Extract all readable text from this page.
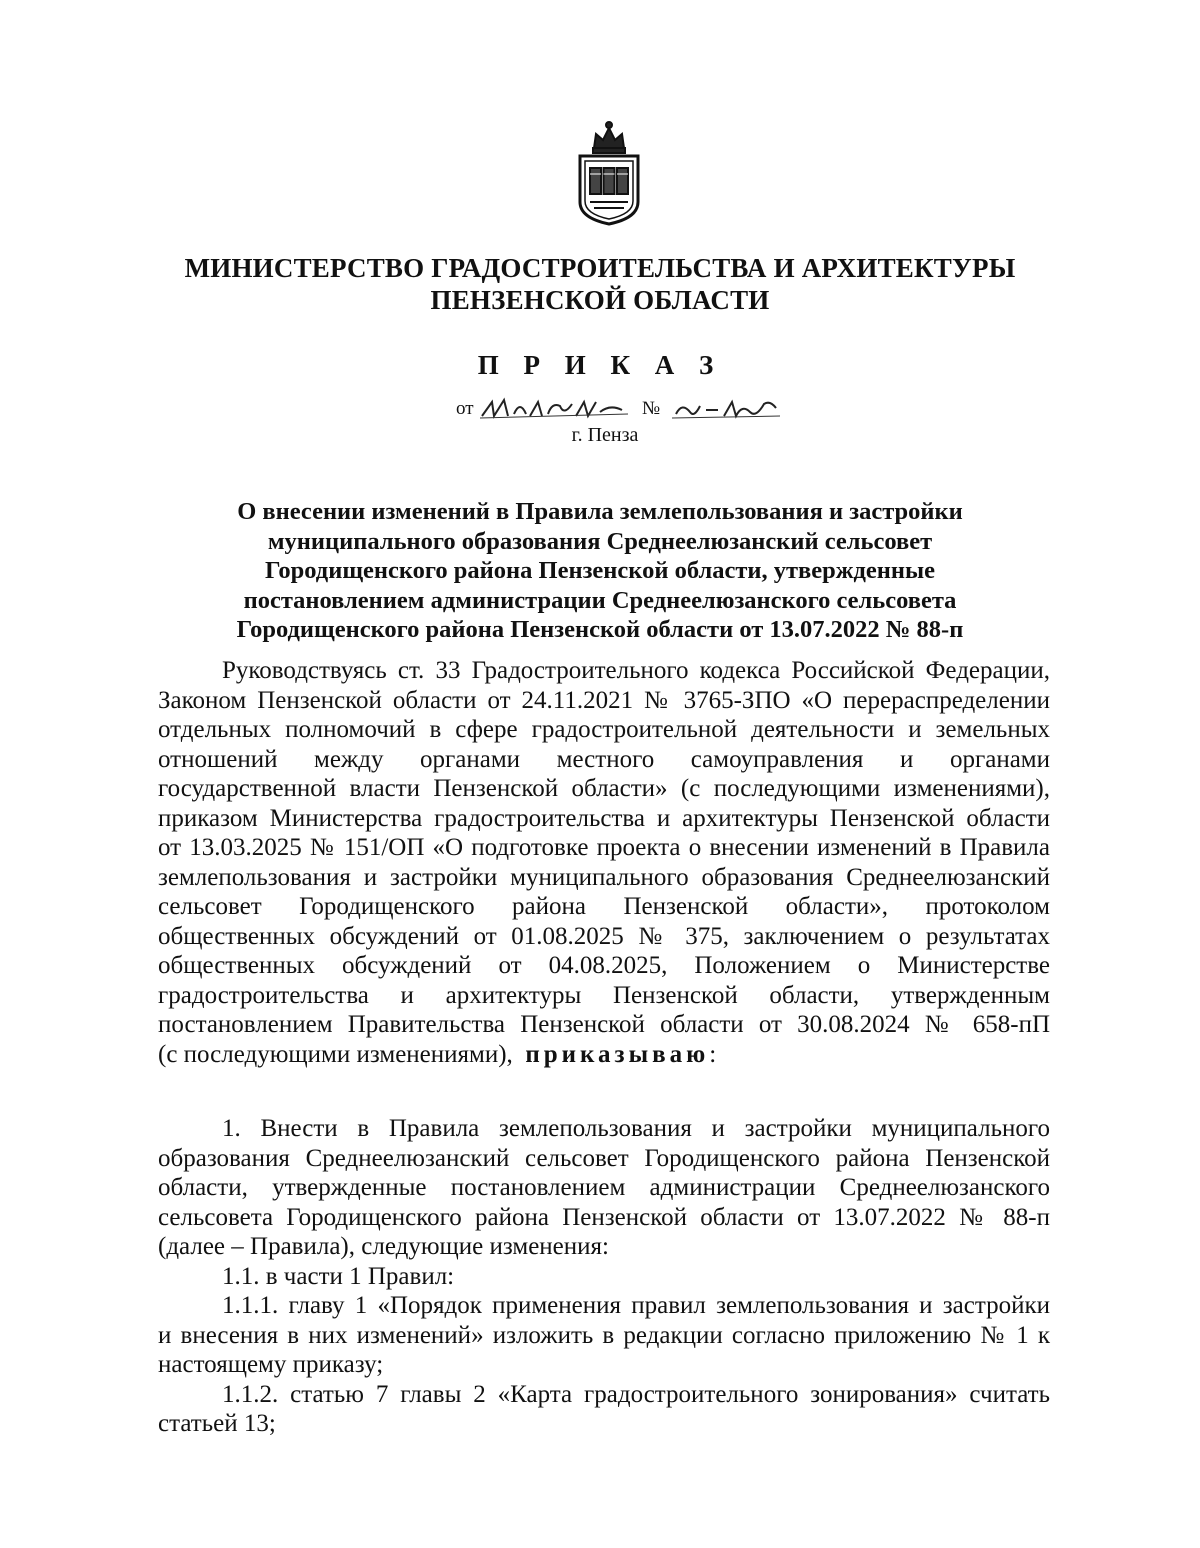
МИНИСТЕРСТВО ГРАДОСТРОИТЕЛЬСТВА И АРХИТЕКТУРЫ
ПЕНЗЕНСКОЙ ОБЛАСТИ
П Р И К А З
от	№
г. Пенза
О внесении изменений в Правила землепользования и застройки
муниципального образования Среднеелюзанский сельсовет
Городищенского района Пензенской области, утвержденные
постановлением администрации Среднеелюзанского сельсовета
Городищенского района Пензенской области от 13.07.2022 № 88-п
Руководствуясь ст. 33 Градостроительного кодекса Российской Федерации,
Законом Пензенской области от 24.11.2021 № 3765-ЗПО «О перераспределении
отдельных полномочий в сфере градостроительной деятельности и земельных
отношений между органами местного самоуправления и органами
государственной власти Пензенской области» (с последующими изменениями),
приказом Министерства градостроительства и архитектуры Пензенской области
от 13.03.2025 № 151/ОП «О подготовке проекта о внесении изменений в Правила
землепользования и застройки муниципального образования Среднеелюзанский
сельсовет Городищенского района Пензенской области», протоколом
общественных обсуждений от 01.08.2025 № 375, заключением о результатах
общественных обсуждений от 04.08.2025, Положением о Министерстве
градостроительства и архитектуры Пензенской области, утвержденным
постановлением Правительства Пензенской области от 30.08.2024 № 658-пП
(с последующими изменениями), приказываю:
1. Внести в Правила землепользования и застройки муниципального
образования Среднеелюзанский сельсовет Городищенского района Пензенской
области, утвержденные постановлением администрации Среднеелюзанского
сельсовета Городищенского района Пензенской области от 13.07.2022 № 88-п
(далее – Правила), следующие изменения:
1.1. в части 1 Правил:
1.1.1. главу 1 «Порядок применения правил землепользования и застройки
и внесения в них изменений» изложить в редакции согласно приложению № 1 к
настоящему приказу;
1.1.2. статью 7 главы 2 «Карта градостроительного зонирования» считать
статьей 13;
